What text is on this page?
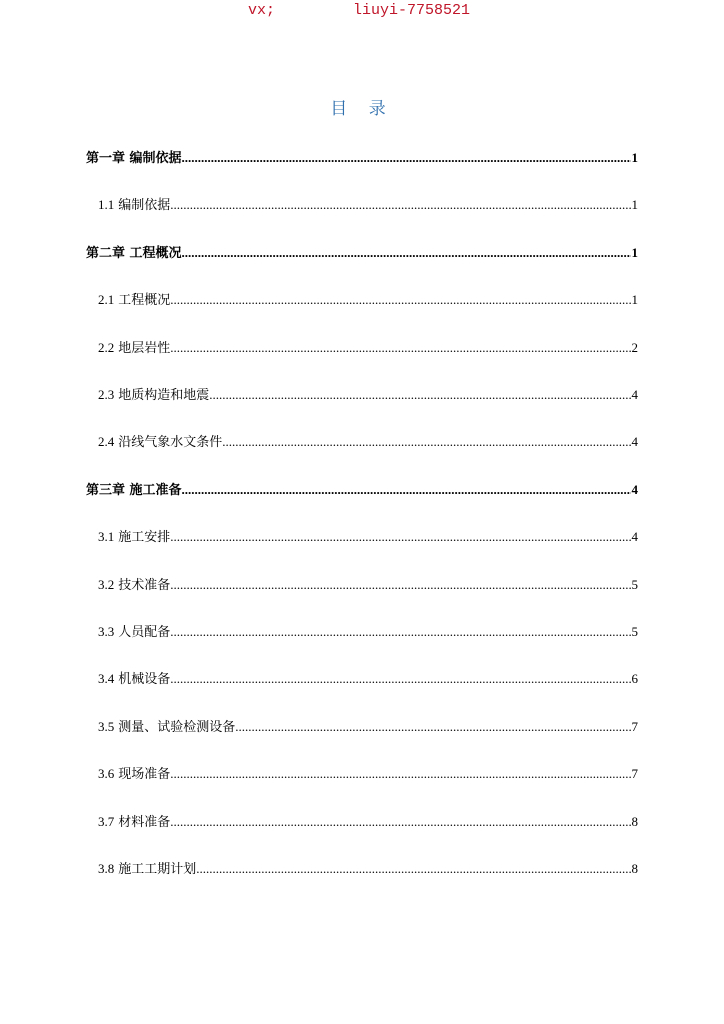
vx;	liuyi-7758521
目 录
第一章 编制依据 .....	1
1.1 编制依据 .....	1
第二章 工程概况 .....	1
2.1 工程概况 .....	1
2.2 地层岩性 .....	2
2.3 地质构造和地震 .....	4
2.4 沿线气象水文条件 .....	4
第三章 施工准备 .....	4
3.1 施工安排 .....	4
3.2 技术准备 .....	5
3.3 人员配备 .....	5
3.4 机械设备 .....	6
3.5 测量、试验检测设备 .....	7
3.6 现场准备 .....	7
3.7 材料准备 .....	8
3.8 施工工期计划 .....	8
